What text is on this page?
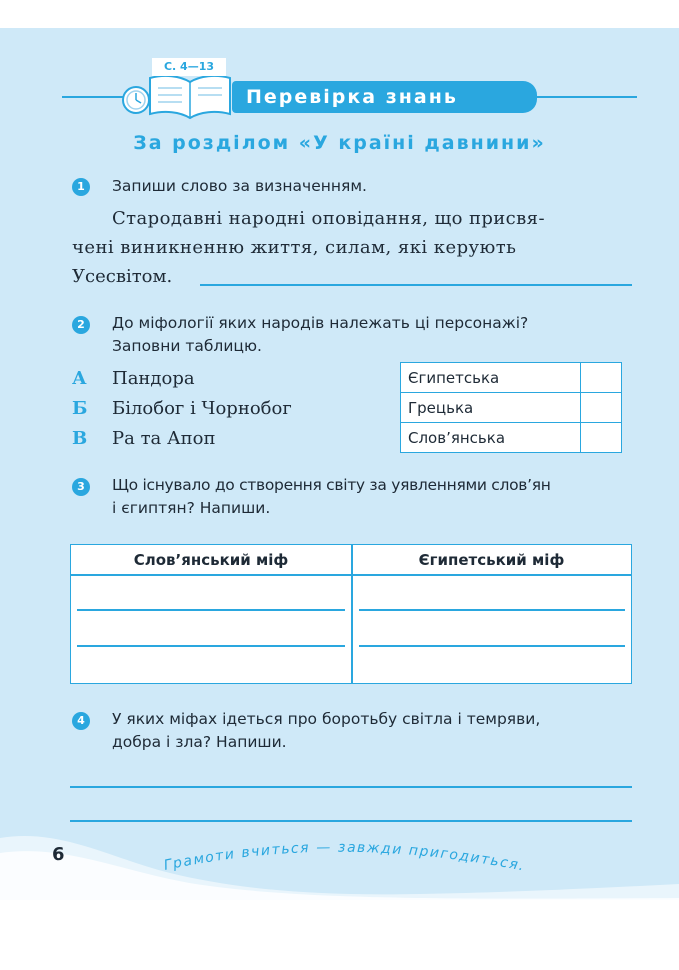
С. 4—13
Перевірка знань
За розділом «У країні давнини»
1	Запиши слово за визначенням.
Стародавні народні оповідання, що присвя-
чені виникненню життя, силам, які керують
Усесвітом.
2	До міфології яких народів належать ці персонажі?
Заповни таблицю.
А Пандора
Б Білобог і Чорнобог
В Ра та Апоп
Єгипетська	
Грецька	
Слов’янська	
3	Що існувало до створення світу за уявленнями слов’ян
і єгиптян? Напиши.
Слов’янський міф	Єгипетський міф
4	У яких міфах ідеться про боротьбу світла і темряви,
добра і зла? Напиши.
6
Грамоти вчиться — завжди пригодиться.
